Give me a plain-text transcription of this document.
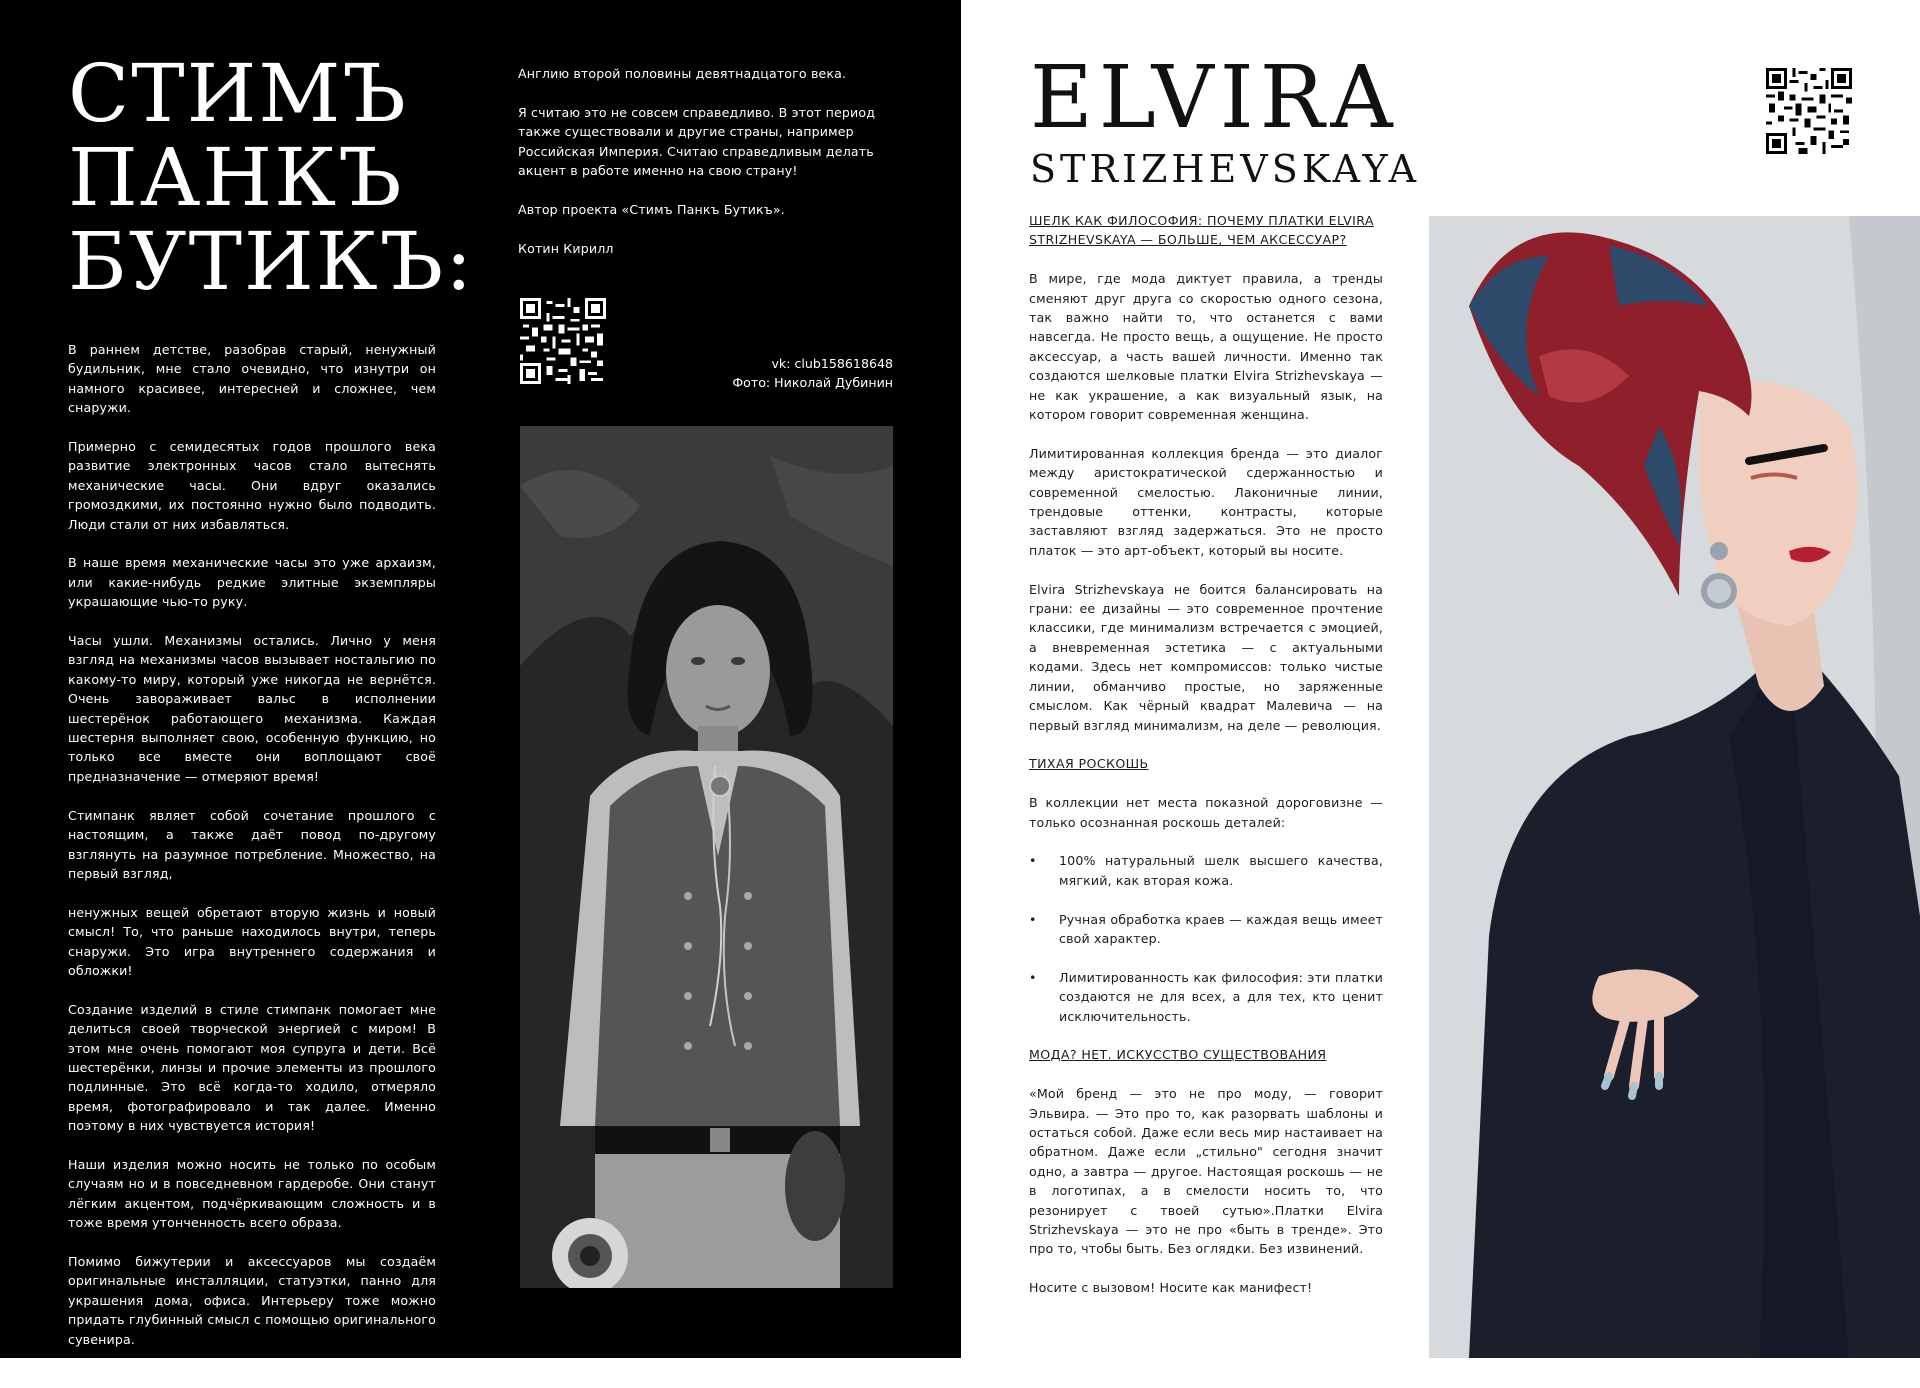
СТИМЪ
ПАНКЪ
БУТИКЪ:

В раннем детстве, разобрав старый, ненужный будильник, мне стало очевидно, что изнутри он намного красивее, интересней и сложнее, чем снаружи.

Примерно с семидесятых годов прошлого века развитие электронных часов стало вытеснять механические часы. Они вдруг оказались громоздкими, их постоянно нужно было подводить. Люди стали от них избавляться.

В наше время механические часы это уже архаизм, или какие-нибудь редкие элитные экземпляры украшающие чью-то руку.

Часы ушли. Механизмы остались. Лично у меня взгляд на механизмы часов вызывает ностальгию по какому-то миру, который уже никогда не вернётся. Очень завораживает вальс в исполнении шестерёнок работающего механизма. Каждая шестерня выполняет свою, особенную функцию, но только все вместе они воплощают своё предназначение — отмеряют время!

Стимпанк являет собой сочетание прошлого с настоящим, а также даёт повод по-другому взглянуть на разумное потребление. Множество, на первый взгляд,

ненужных вещей обретают вторую жизнь и новый смысл! То, что раньше находилось внутри, теперь снаружи. Это игра внутреннего содержания и обложки!

Создание изделий в стиле стимпанк помогает мне делиться своей творческой энергией с миром! В этом мне очень помогают моя супруга и дети. Всё шестерёнки, линзы и прочие элементы из прошлого подлинные. Это всё когда-то ходило, отмеряло время, фотографировало и так далее. Именно поэтому в них чувствуется история!

Наши изделия можно носить не только по особым случаям но и в повседневном гардеробе. Они станут лёгким акцентом, подчёркивающим сложность и в тоже время утонченность всего образа.

Помимо бижутерии и аксессуаров мы создаём оригинальные инсталляции, статуэтки, панно для украшения дома, офиса. Интерьеру тоже можно придать глубинный смысл с помощью оригинального сувенира.

Стимпанк классически считается стилизацией под

Англию второй половины девятнадцатого века.

Я считаю это не совсем справедливо. В этот период также существовали и другие страны, например Российская Империя. Считаю справедливым делать акцент в работе именно на свою страну!

Автор проекта «Стимъ Панкъ Бутикъ».

Котин Кирилл

vk: club158618648
Фото: Николай Дубинин
ELVIRA
STRIZHEVSKAYA
ШЕЛК КАК ФИЛОСОФИЯ: ПОЧЕМУ ПЛАТКИ ELVIRA STRIZHEVSKAYA — БОЛЬШЕ, ЧЕМ АКСЕССУАР?

В мире, где мода диктует правила, а тренды сменяют друг друга со скоростью одного сезона, так важно найти то, что останется с вами навсегда. Не просто вещь, а ощущение. Не просто аксессуар, а часть вашей личности. Именно так создаются шелковые платки Elvira Strizhevskaya — не как украшение, а как визуальный язык, на котором говорит современная женщина.

Лимитированная коллекция бренда — это диалог между аристократической сдержанностью и современной смелостью. Лаконичные линии, трендовые оттенки, контрасты, которые заставляют взгляд задержаться. Это не просто платок — это арт-объект, который вы носите.

Elvira Strizhevskaya не боится балансировать на грани: ее дизайны — это современное прочтение классики, где минимализм встречается с эмоцией, а вневременная эстетика — с актуальными кодами. Здесь нет компромиссов: только чистые линии, обманчиво простые, но заряженные смыслом. Как чёрный квадрат Малевича — на первый взгляд минимализм, на деле — революция.

ТИХАЯ РОСКОШЬ

В коллекции нет места показной дороговизне — только осознанная роскошь деталей:

• 100% натуральный шелк высшего качества, мягкий, как вторая кожа.
• Ручная обработка краев — каждая вещь имеет свой характер.
• Лимитированность как философия: эти платки создаются не для всех, а для тех, кто ценит исключительность.
МОДА? НЕТ. ИСКУССТВО СУЩЕСТВОВАНИЯ

«Мой бренд — это не про моду, — говорит Эльвира. — Это про то, как разорвать шаблоны и остаться собой. Даже если весь мир настаивает на обратном. Даже если „стильно" сегодня значит одно, а завтра — другое. Настоящая роскошь — не в логотипах, а в смелости носить то, что резонирует с твоей сутью».Платки Elvira Strizhevskaya — это не про «быть в тренде». Это про то, чтобы быть. Без оглядки. Без извинений.

Носите с вызовом! Носите как манифест!
